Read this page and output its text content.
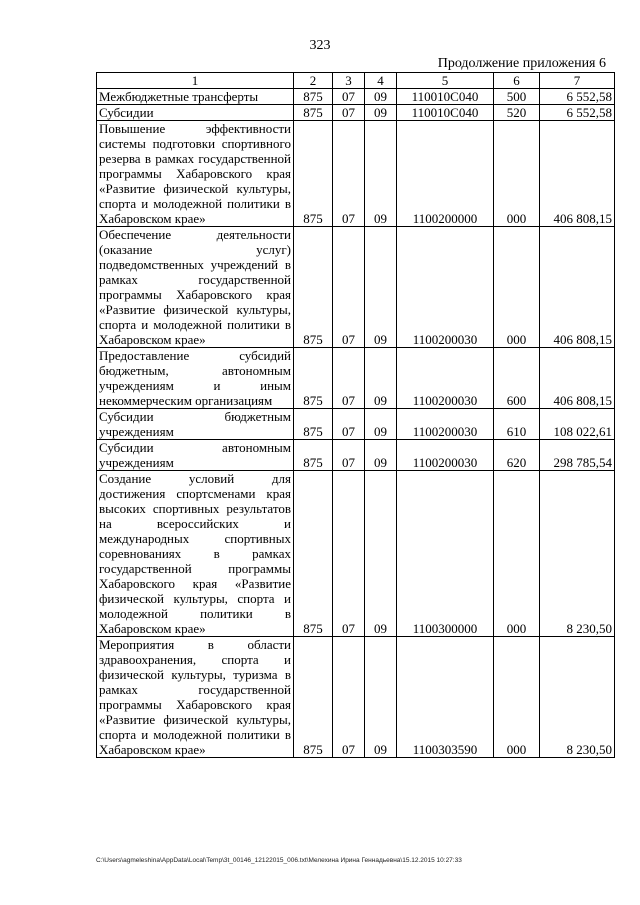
323
Продолжение приложения 6
1	2	3	4	5	6	7
Межбюджетные трансферты	875	07	09	110010С040	500	6 552,58
Субсидии	875	07	09	110010С040	520	6 552,58
Повышение эффективности системы подготовки спортивного резерва в рамках государственной программы Хабаровского края «Развитие физической культуры, спорта и молодежной политики в Хабаровском крае»	875	07	09	1100200000	000	406 808,15
Обеспечение деятельности (оказание услуг) подведомственных учреждений в рамках государственной программы Хабаровского края «Развитие физической культуры, спорта и молодежной политики в Хабаровском крае»	875	07	09	1100200030	000	406 808,15
Предоставление субсидий бюджетным, автономным учреждениям и иным некоммерческим организациям	875	07	09	1100200030	600	406 808,15
Субсидии бюджетным учреждениям	875	07	09	1100200030	610	108 022,61
Субсидии автономным учреждениям	875	07	09	1100200030	620	298 785,54
Создание условий для достижения спортсменами края высоких спортивных результатов на всероссийских и международных спортивных соревнованиях в рамках государственной программы Хабаровского края «Развитие физической культуры, спорта и молодежной политики в Хабаровском крае»	875	07	09	1100300000	000	8 230,50
Мероприятия в области здравоохранения, спорта и физической культуры, туризма в рамках государственной программы Хабаровского края «Развитие физической культуры, спорта и молодежной политики в Хабаровском крае»	875	07	09	1100303590	000	8 230,50
C:\Users\agmeleshina\AppData\Local\Temp\3t_00146_12122015_006.txt\Мелехина Ирина Геннадьевна\15.12.2015 10:27:33
